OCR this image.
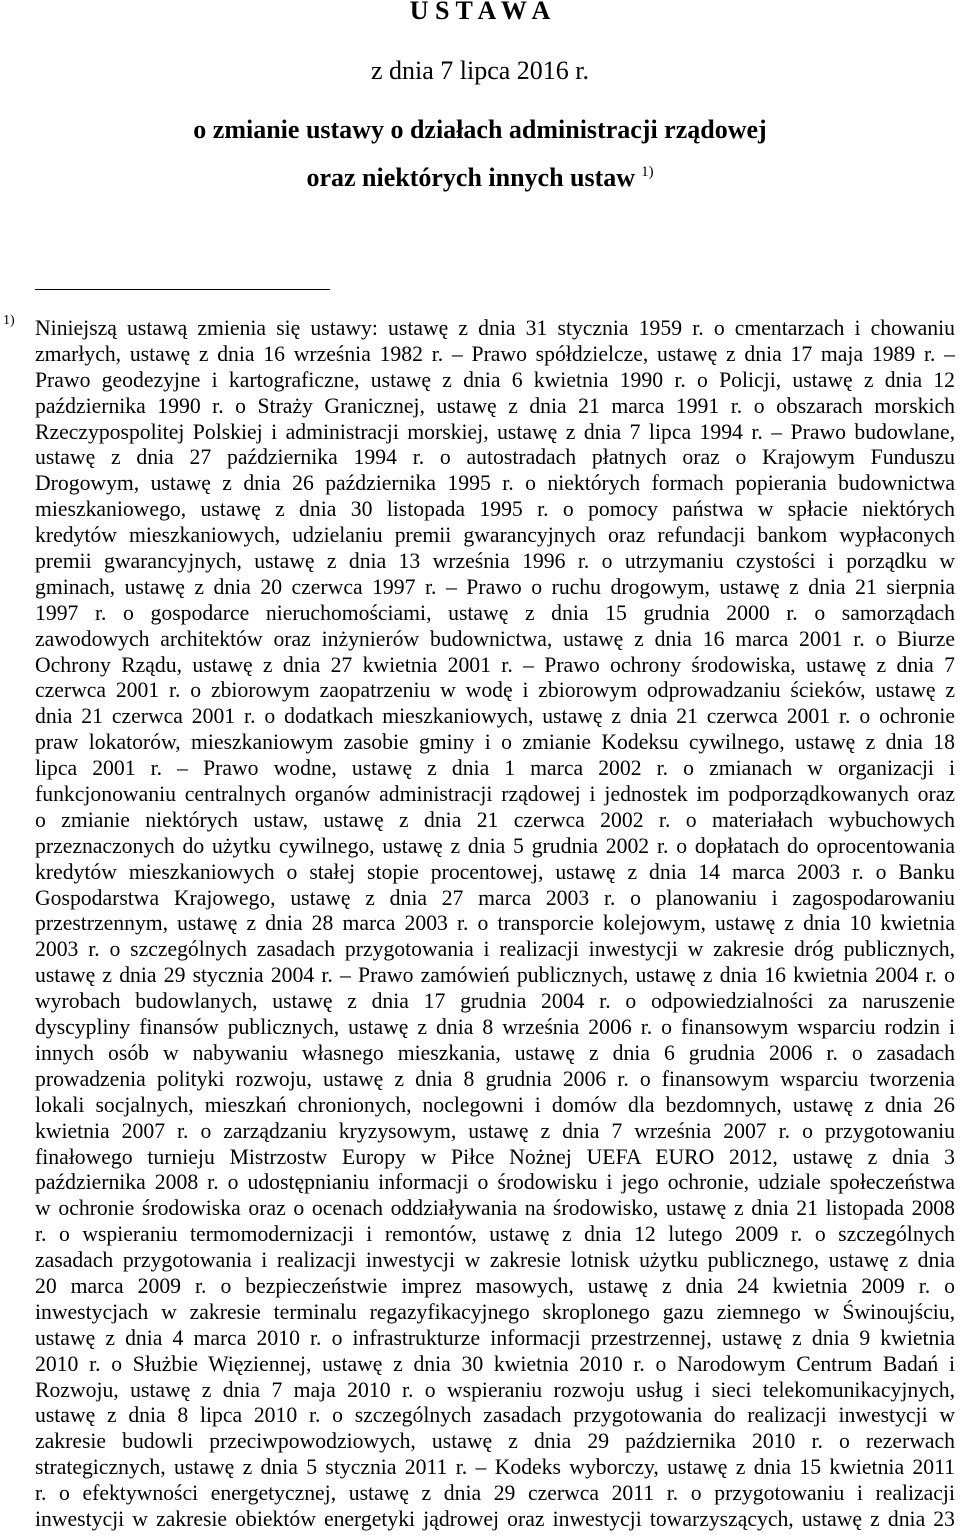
U S T A W A
z dnia 7 lipca 2016 r.
o zmianie ustawy o działach administracji rządowej
oraz niektórych innych ustaw $^{1)}$
1) Niniejszą ustawą zmienia się ustawy: ustawę z dnia 31 stycznia 1959 r. o cmentarzach i chowaniu
zmarłych, ustawę z dnia 16 września 1982 r. – Prawo spółdzielcze, ustawę z dnia 17 maja 1989 r. –
Prawo geodezyjne i kartograficzne, ustawę z dnia 6 kwietnia 1990 r. o Policji, ustawę z dnia 12
października 1990 r. o Straży Granicznej, ustawę z dnia 21 marca 1991 r. o obszarach morskich
Rzeczypospolitej Polskiej i administracji morskiej, ustawę z dnia 7 lipca 1994 r. – Prawo budowlane,
ustawę z dnia 27 października 1994 r. o autostradach płatnych oraz o Krajowym Funduszu
Drogowym, ustawę z dnia 26 października 1995 r. o niektórych formach popierania budownictwa
mieszkaniowego, ustawę z dnia 30 listopada 1995 r. o pomocy państwa w spłacie niektórych
kredytów mieszkaniowych, udzielaniu premii gwarancyjnych oraz refundacji bankom wypłaconych
premii gwarancyjnych, ustawę z dnia 13 września 1996 r. o utrzymaniu czystości i porządku w
gminach, ustawę z dnia 20 czerwca 1997 r. – Prawo o ruchu drogowym, ustawę z dnia 21 sierpnia
1997 r. o gospodarce nieruchomościami, ustawę z dnia 15 grudnia 2000 r. o samorządach
zawodowych architektów oraz inżynierów budownictwa, ustawę z dnia 16 marca 2001 r. o Biurze
Ochrony Rządu, ustawę z dnia 27 kwietnia 2001 r. – Prawo ochrony środowiska, ustawę z dnia 7
czerwca 2001 r. o zbiorowym zaopatrzeniu w wodę i zbiorowym odprowadzaniu ścieków, ustawę z
dnia 21 czerwca 2001 r. o dodatkach mieszkaniowych, ustawę z dnia 21 czerwca 2001 r. o ochronie
praw lokatorów, mieszkaniowym zasobie gminy i o zmianie Kodeksu cywilnego, ustawę z dnia 18
lipca 2001 r. – Prawo wodne, ustawę z dnia 1 marca 2002 r. o zmianach w organizacji i
funkcjonowaniu centralnych organów administracji rządowej i jednostek im podporządkowanych oraz
o zmianie niektórych ustaw, ustawę z dnia 21 czerwca 2002 r. o materiałach wybuchowych
przeznaczonych do użytku cywilnego, ustawę z dnia 5 grudnia 2002 r. o dopłatach do oprocentowania
kredytów mieszkaniowych o stałej stopie procentowej, ustawę z dnia 14 marca 2003 r. o Banku
Gospodarstwa Krajowego, ustawę z dnia 27 marca 2003 r. o planowaniu i zagospodarowaniu
przestrzennym, ustawę z dnia 28 marca 2003 r. o transporcie kolejowym, ustawę z dnia 10 kwietnia
2003 r. o szczególnych zasadach przygotowania i realizacji inwestycji w zakresie dróg publicznych,
ustawę z dnia 29 stycznia 2004 r. – Prawo zamówień publicznych, ustawę z dnia 16 kwietnia 2004 r. o
wyrobach budowlanych, ustawę z dnia 17 grudnia 2004 r. o odpowiedzialności za naruszenie
dyscypliny finansów publicznych, ustawę z dnia 8 września 2006 r. o finansowym wsparciu rodzin i
innych osób w nabywaniu własnego mieszkania, ustawę z dnia 6 grudnia 2006 r. o zasadach
prowadzenia polityki rozwoju, ustawę z dnia 8 grudnia 2006 r. o finansowym wsparciu tworzenia
lokali socjalnych, mieszkań chronionych, noclegowni i domów dla bezdomnych, ustawę z dnia 26
kwietnia 2007 r. o zarządzaniu kryzysowym, ustawę z dnia 7 września 2007 r. o przygotowaniu
finałowego turnieju Mistrzostw Europy w Piłce Nożnej UEFA EURO 2012, ustawę z dnia 3
października 2008 r. o udostępnianiu informacji o środowisku i jego ochronie, udziale społeczeństwa
w ochronie środowiska oraz o ocenach oddziaływania na środowisko, ustawę z dnia 21 listopada 2008
r. o wspieraniu termomodernizacji i remontów, ustawę z dnia 12 lutego 2009 r. o szczególnych
zasadach przygotowania i realizacji inwestycji w zakresie lotnisk użytku publicznego, ustawę z dnia
20 marca 2009 r. o bezpieczeństwie imprez masowych, ustawę z dnia 24 kwietnia 2009 r. o
inwestycjach w zakresie terminalu regazyfikacyjnego skroplonego gazu ziemnego w Świnoujściu,
ustawę z dnia 4 marca 2010 r. o infrastrukturze informacji przestrzennej, ustawę z dnia 9 kwietnia
2010 r. o Służbie Więziennej, ustawę z dnia 30 kwietnia 2010 r. o Narodowym Centrum Badań i
Rozwoju, ustawę z dnia 7 maja 2010 r. o wspieraniu rozwoju usług i sieci telekomunikacyjnych,
ustawę z dnia 8 lipca 2010 r. o szczególnych zasadach przygotowania do realizacji inwestycji w
zakresie budowli przeciwpowodziowych, ustawę z dnia 29 października 2010 r. o rezerwach
strategicznych, ustawę z dnia 5 stycznia 2011 r. – Kodeks wyborczy, ustawę z dnia 15 kwietnia 2011
r. o efektywności energetycznej, ustawę z dnia 29 czerwca 2011 r. o przygotowaniu i realizacji
inwestycji w zakresie obiektów energetyki jądrowej oraz inwestycji towarzyszących, ustawę z dnia 23
